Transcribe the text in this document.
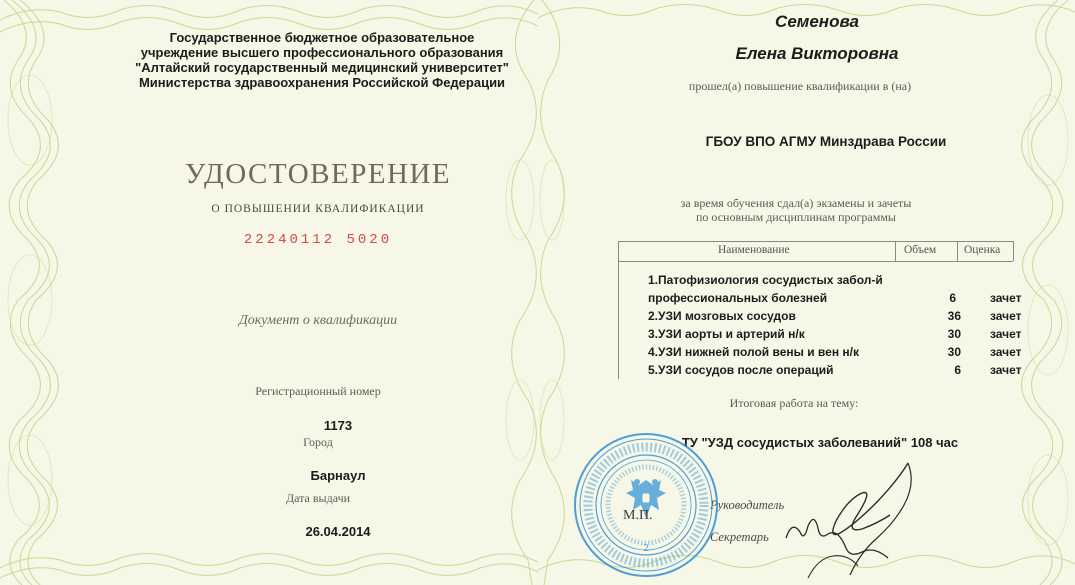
Государственное бюджетное образовательное
учреждение высшего профессионального образования
"Алтайский государственный медицинский университет"
Министерства здравоохранения Российской Федерации
УДОСТОВЕРЕНИЕ
О ПОВЫШЕНИИ КВАЛИФИКАЦИИ
22240112 5020
Документ о квалификации
Регистрационный номер
1173
Город
Барнаул
Дата выдачи
26.04.2014
Семенова
Елена Викторовна
прошел(а) повышение квалификации в (на)
ГБОУ ВПО АГМУ Минздрава России
за время обучения сдал(а) экзамены и зачеты
по основным дисциплинам программы
Наименование	Объем Оценка
1.Патофизиология сосудистых забол-й
профессиональных болезней	6	зачет
2.УЗИ мозговых сосудов	36 зачет
3.УЗИ аорты и артерий н/к	30 зачет
4.УЗИ нижней полой вены и вен н/к	30 зачет
5.УЗИ сосудов после операций	6 зачет
Итоговая работа на тему:
ТУ "УЗД сосудистых заболеваний" 108 час
Руководитель
Секретарь
2
М.П.
